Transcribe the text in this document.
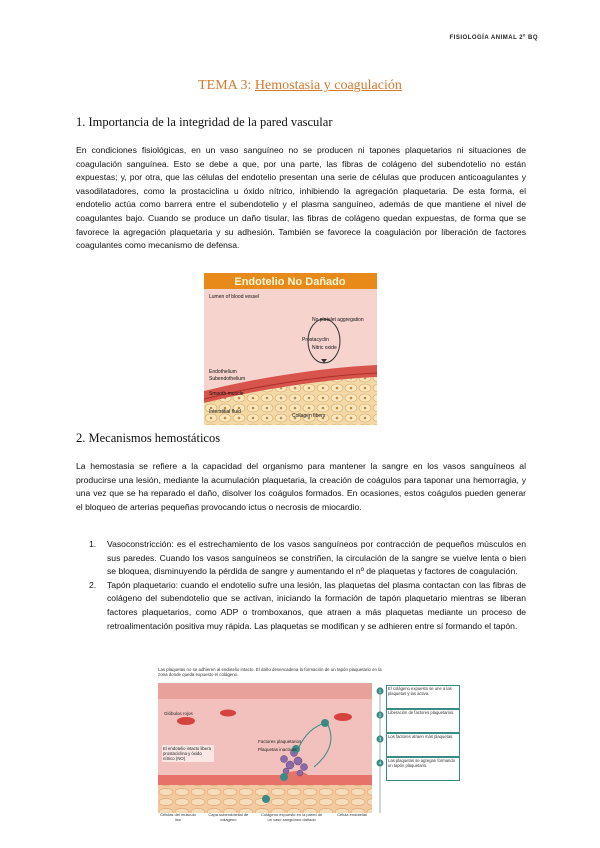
FISIOLOGÍA ANIMAL 2º BQ
TEMA 3: Hemostasia y coagulación
1. Importancia de la integridad de la pared vascular
En condiciones fisiológicas, en un vaso sanguíneo no se producen ni tapones plaquetarios ni situaciones de coagulación sanguínea. Esto se debe a que, por una parte, las fibras de colágeno del subendotelio no están expuestas; y, por otra, que las células del endotelio presentan una serie de células que producen anticoagulantes y vasodilatadores, como la prostaciclina u óxido nítrico, inhibiendo la agregación plaquetaria. De esta forma, el endotelio actúa como barrera entre el subendotelio y el plasma sanguíneo, además de que mantiene el nivel de coagulantes bajo. Cuando se produce un daño tisular, las fibras de colágeno quedan expuestas, de forma que se favorece la agregación plaquetaria y su adhesión. También se favorece la coagulación por liberación de factores coagulantes como mecanismo de defensa.
Endotelio No Dañado
Lumen of blood vessel
No platelet aggregation
Prostacyclin
Nitric oxide
Endothelium
Subendothelium
Smooth muscle
Interstitial fluid
Collagen fibers
2. Mecanismos hemostáticos
La hemostasia se refiere a la capacidad del organismo para mantener la sangre en los vasos sanguíneos al producirse una lesión, mediante la acumulación plaquetaria, la creación de coágulos para taponar una hemorragia, y una vez que se ha reparado el daño, disolver los coágulos formados. En ocasiones, estos coágulos pueden generar el bloqueo de arterias pequeñas provocando ictus o necrosis de miocardio.
1. Vasoconstricción: es el estrechamiento de los vasos sanguíneos por contracción de pequeños músculos en sus paredes. Cuando los vasos sanguíneos se constriñen, la circulación de la sangre se vuelve lenta o bien se bloquea, disminuyendo la pérdida de sangre y aumentando el nº de plaquetas y factores de coagulación.
2. Tapón plaquetario: cuando el endotelio sufre una lesión, las plaquetas del plasma contactan con las fibras de colágeno del subendotelio que se activan, iniciando la formación de tapón plaquetario mientras se liberan factores plaquetarios, como ADP o tromboxanos, que atraen a más plaquetas mediante un proceso de retroalimentación positiva muy rápida. Las plaquetas se modifican y se adhieren entre sí formando el tapón.
Las plaquetas no se adhieren al endotelio intacto. El daño desencadena la formación de un tapón plaquetario en la zona donde queda expuesto el colágeno.
Glóbulos rojos
El endotelio intacto libera prostaciclina y óxido nítrico (NO)
Factores plaquetarios
Plaquetas inactivas
Células del músculo liso
Capa subendotelial de colágeno
Colágeno expuesto en la pared de un vaso sanguíneo dañado
Célula endotelial
1
2
3
4
El colágeno expuesto se une a las plaquetas y las activa.
Liberación de factores plaquetarios.
Los factores atraen más plaquetas.
Las plaquetas se agregan formando un tapón plaquetario.
